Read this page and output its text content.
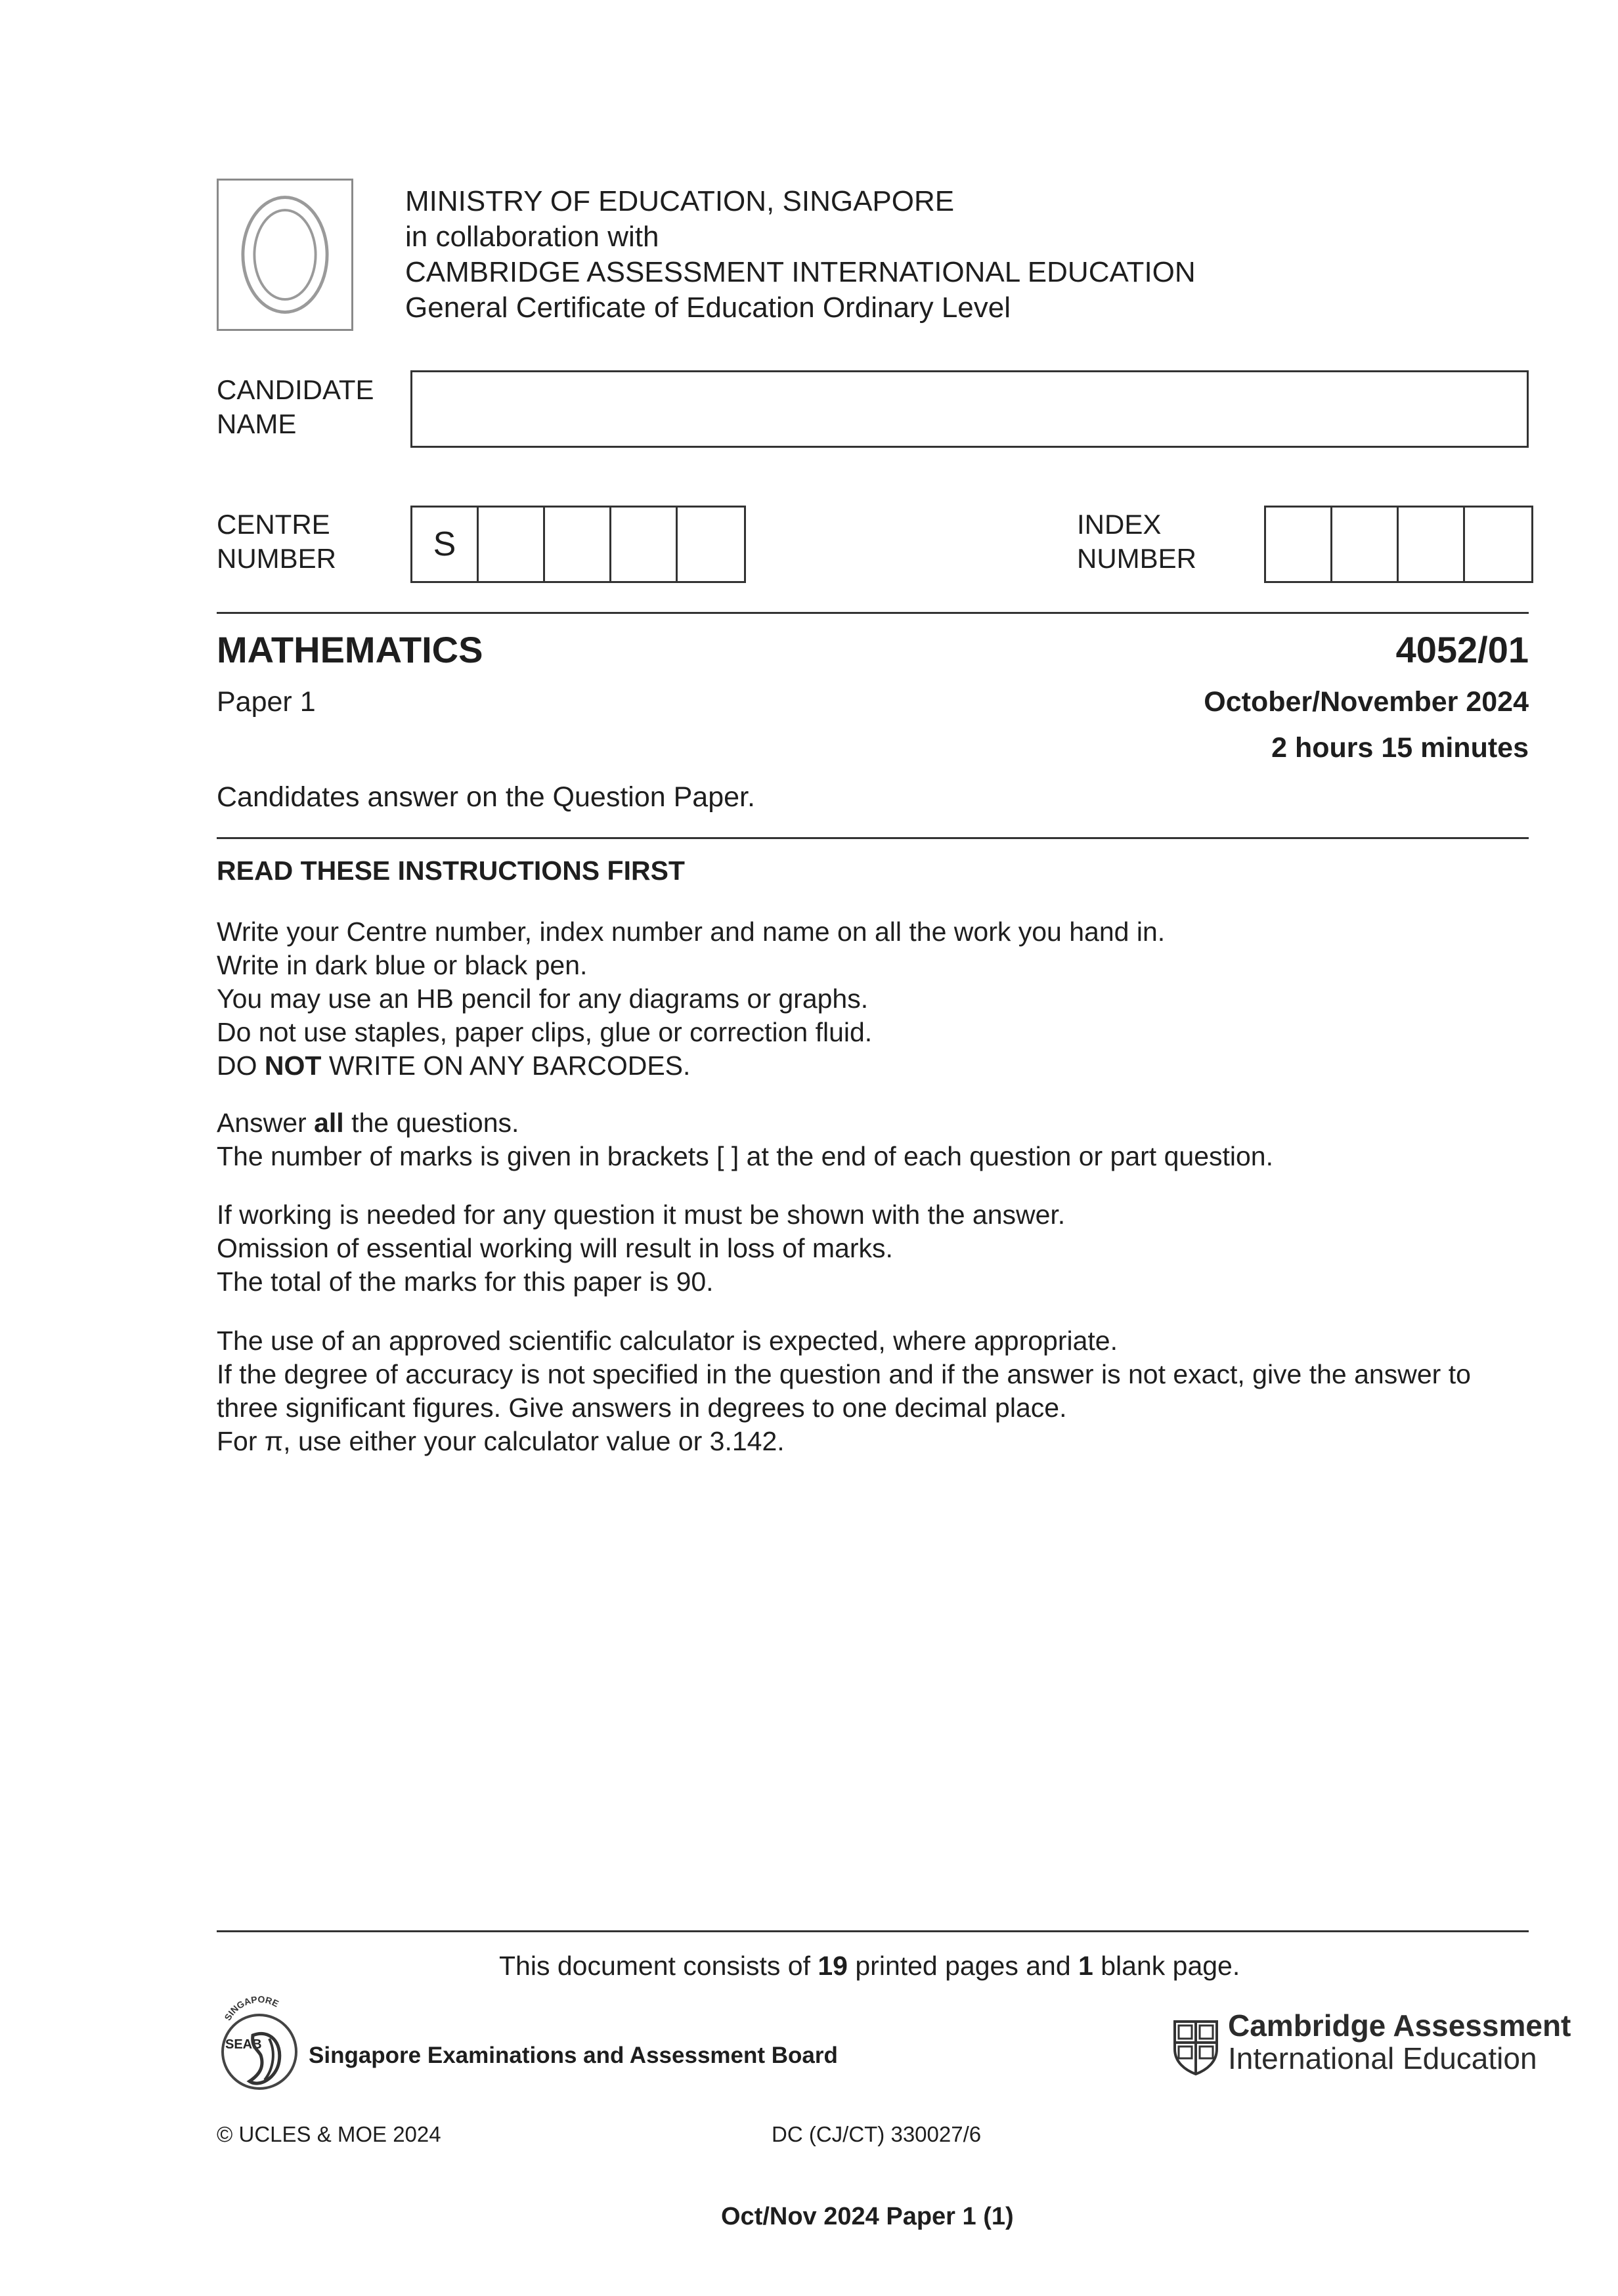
MINISTRY OF EDUCATION, SINGAPORE
in collaboration with
CAMBRIDGE ASSESSMENT INTERNATIONAL EDUCATION
General Certificate of Education Ordinary Level
CANDIDATE
NAME
CENTRE
NUMBER	S
INDEX
NUMBER
MATHEMATICS	4052/01
Paper 1	October/November 2024
2 hours 15 minutes
Candidates answer on the Question Paper.
READ THESE INSTRUCTIONS FIRST
Write your Centre number, index number and name on all the work you hand in.
Write in dark blue or black pen.
You may use an HB pencil for any diagrams or graphs.
Do not use staples, paper clips, glue or correction fluid.
DO NOT WRITE ON ANY BARCODES.
Answer all the questions.
The number of marks is given in brackets [ ] at the end of each question or part question.
If working is needed for any question it must be shown with the answer.
Omission of essential working will result in loss of marks.
The total of the marks for this paper is 90.
The use of an approved scientific calculator is expected, where appropriate.
If the degree of accuracy is not specified in the question and if the answer is not exact, give the answer to
three significant figures. Give answers in degrees to one decimal place.
For π, use either your calculator value or 3.142.
This document consists of 19 printed pages and 1 blank page.
SINGAPORE
SEAB Singapore Examinations and Assessment Board
Cambridge Assessment
International Education
© UCLES & MOE 2024	DC (CJ/CT) 330027/6
Oct/Nov 2024 Paper 1 (1)
